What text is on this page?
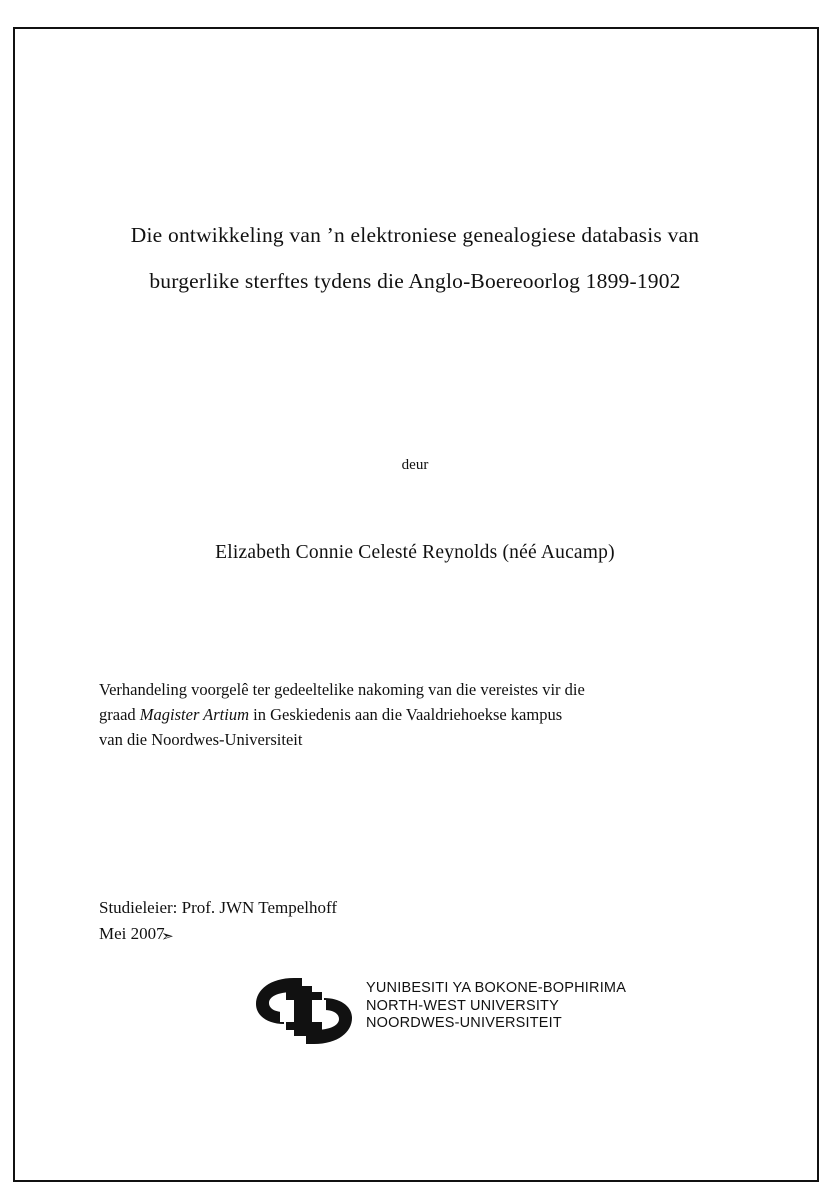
Die ontwikkeling van ’n elektroniese genealogiese databasis van
burgerlike sterftes tydens die Anglo-Boereoorlog 1899-1902
deur
Elizabeth Connie Celesté Reynolds (néé Aucamp)
Verhandeling voorgelê ter gedeeltelike nakoming van die vereistes vir die
graad Magister Artium in Geskiedenis aan die Vaaldriehoekse kampus
van die Noordwes-Universiteit
Studieleier: Prof. JWN Tempelhoff
Mei 2007
➣
YUNIBESITI YA BOKONE-BOPHIRIMA
NORTH-WEST UNIVERSITY
NOORDWES-UNIVERSITEIT
